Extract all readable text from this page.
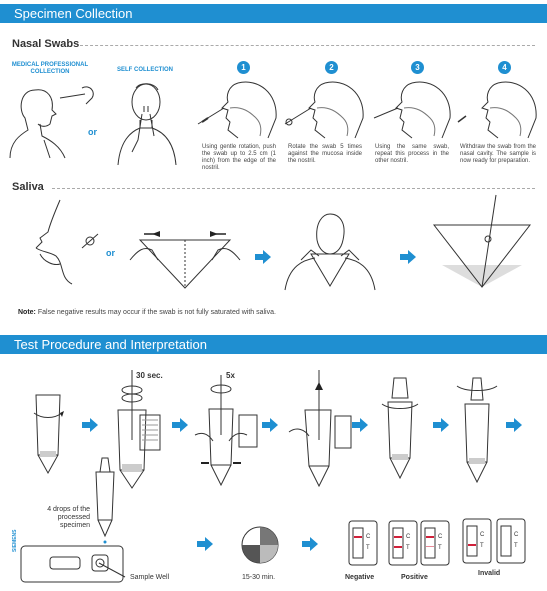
Specimen Collection
Nasal Swabs
MEDICAL PROFESSIONAL COLLECTION	SELF COLLECTION
or
1	2	3	4
Using gentle rotation, push the swab up to 2.5 cm (1 inch) from the edge of the nostril.
Rotate the swab 5 times against the mucosa inside the nostril.
Using the same swab, repeat this process in the other nostril.
Withdraw the swab from the nasal cavity. The sample is now ready for preparation.
Saliva
or
Note: False negative results may occur if the swab is not fully saturated with saliva.
Test Procedure and Interpretation
30 sec.	5x
4 drops of the processed specimen
SIEMENS
Sample Well	15-30 min.
C
T
C
T
C
T
C
T
C
T
Negative	Positive
Invalid
